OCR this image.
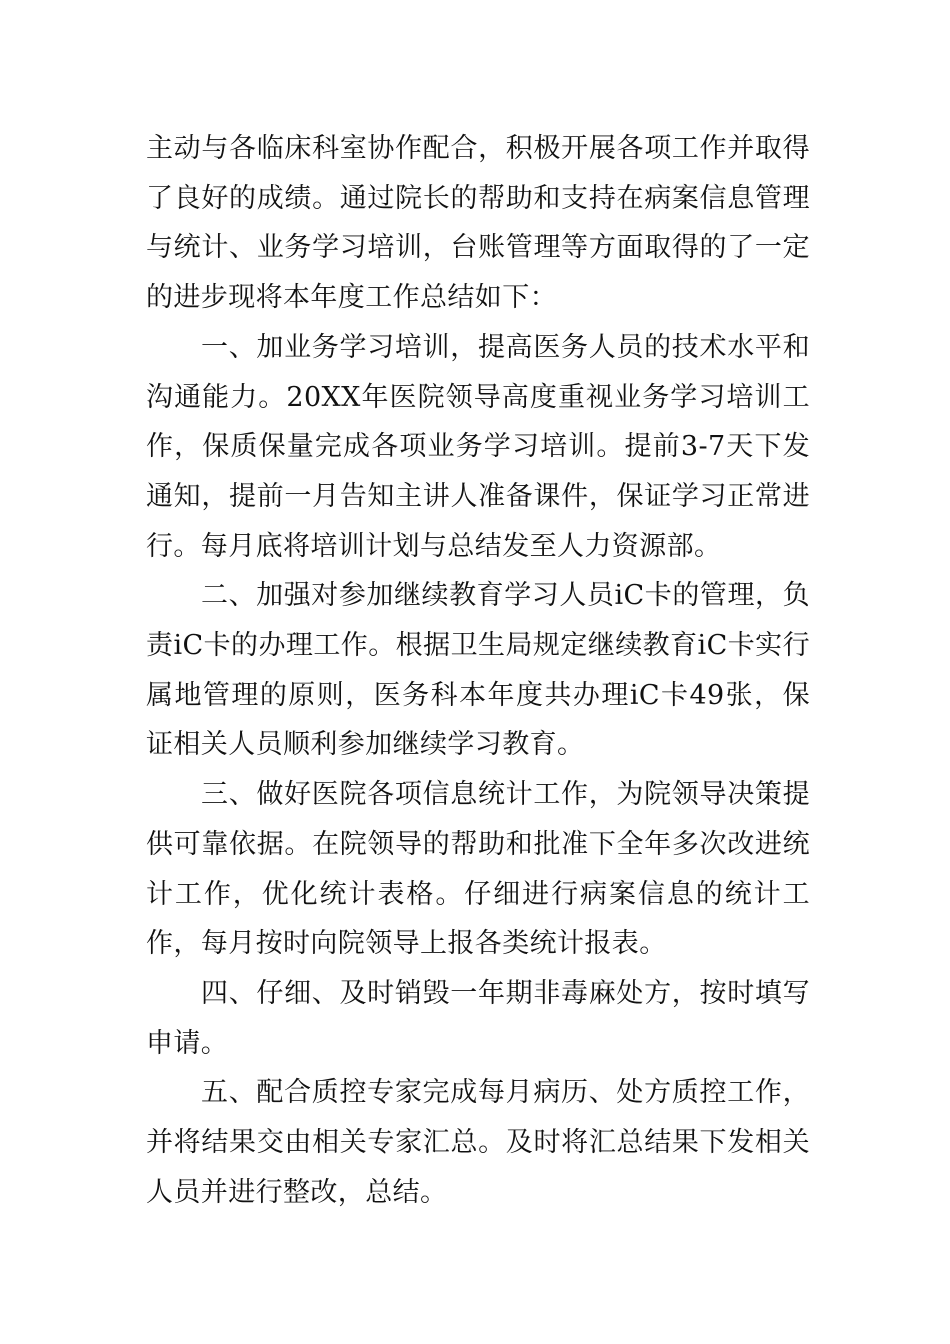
主动与各临床科室协作配合，积极开展各项工作并取得了良好的成绩。通过院长的帮助和支持在病案信息管理与统计、业务学习培训，台账管理等方面取得的了一定的进步现将本年度工作总结如下：

一、加业务学习培训，提高医务人员的技术水平和沟通能力。20XX年医院领导高度重视业务学习培训工作，保质保量完成各项业务学习培训。提前3-7天下发通知，提前一月告知主讲人准备课件，保证学习正常进行。每月底将培训计划与总结发至人力资源部。

二、加强对参加继续教育学习人员iC卡的管理，负责iC卡的办理工作。根据卫生局规定继续教育iC卡实行属地管理的原则，医务科本年度共办理iC卡49张，保证相关人员顺利参加继续学习教育。

三、做好医院各项信息统计工作，为院领导决策提供可靠依据。在院领导的帮助和批准下全年多次改进统计工作，优化统计表格。仔细进行病案信息的统计工作，每月按时向院领导上报各类统计报表。

四、仔细、及时销毁一年期非毒麻处方，按时填写申请。

五、配合质控专家完成每月病历、处方质控工作，并将结果交由相关专家汇总。及时将汇总结果下发相关人员并进行整改，总结。
